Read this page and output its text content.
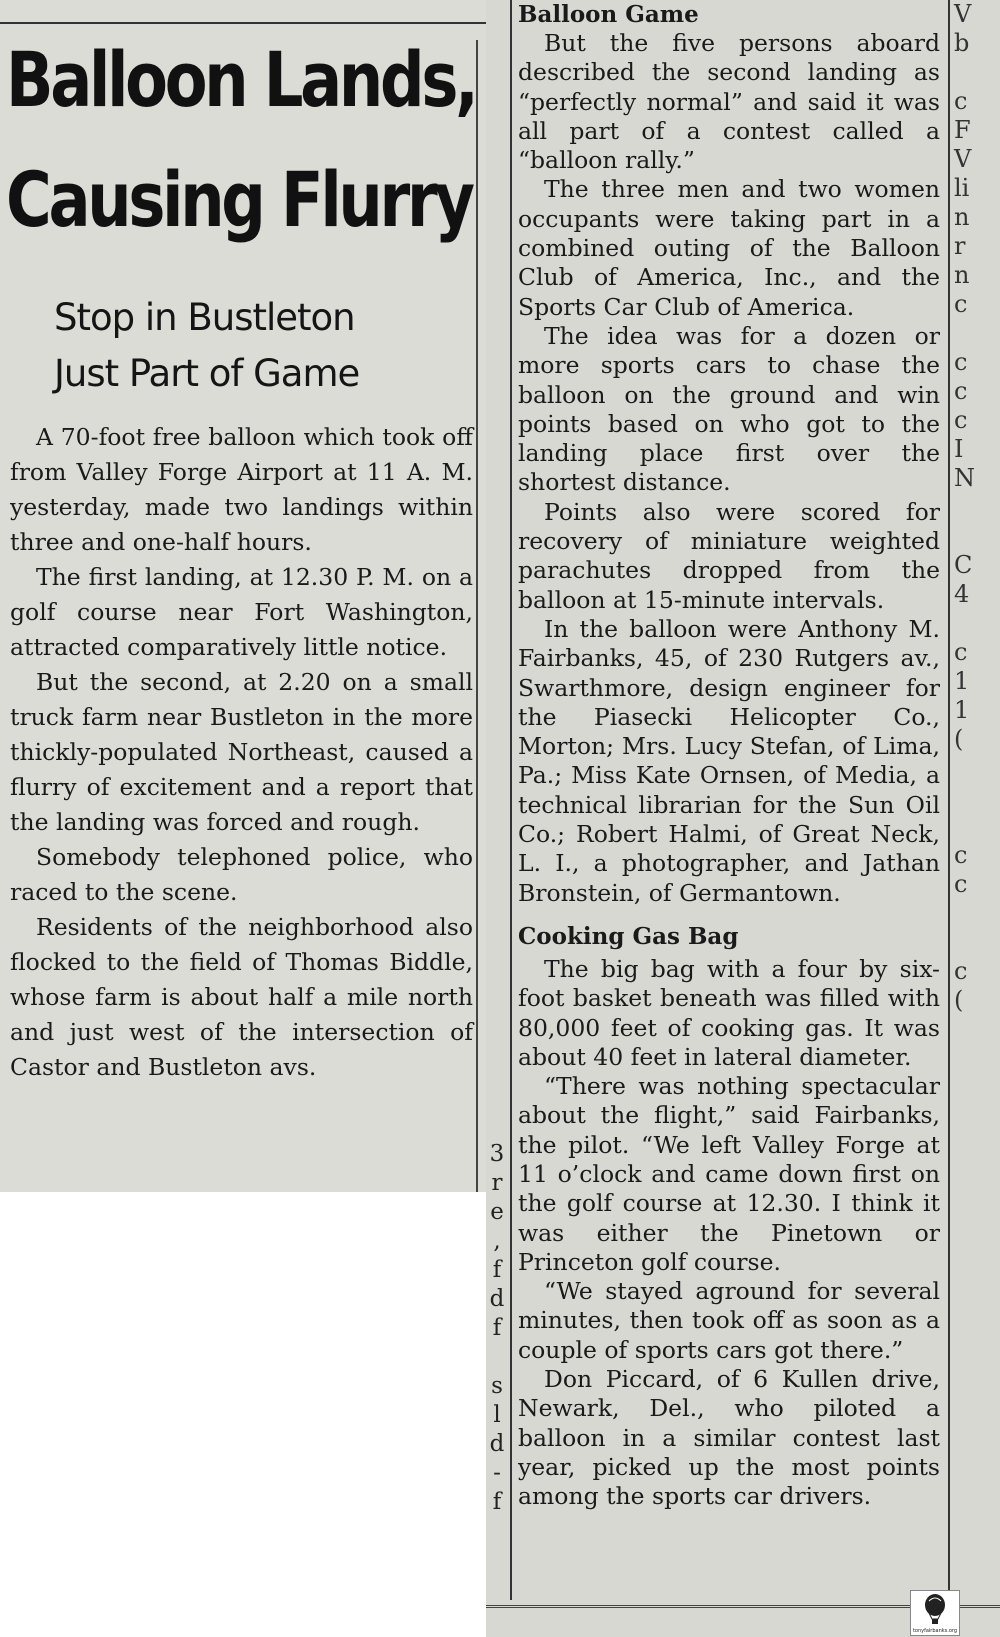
Balloon Lands,
Causing Flurry
Stop in Bustleton
Just Part of Game

A 70-foot free balloon which took off from Valley Forge Airport at 11 A. M. yesterday, made two landings within three and one-half hours.

The first landing, at 12.30 P. M. on a golf course near Fort Washington, attracted comparatively little notice.

But the second, at 2.20 on a small truck farm near Bustleton in the more thickly-populated Northeast, caused a flurry of excitement and a report that the landing was forced and rough.

Somebody telephoned police, who raced to the scene.

Residents of the neighborhood also flocked to the field of Thomas Biddle, whose farm is about half a mile north and just west of the intersection of Castor and Bustleton avs.

3
r
e
,
f
d
f
s
l
d
-
f

Balloon Game

But the five persons aboard described the second landing as “perfectly normal” and said it was all part of a contest called a “balloon rally.”

The three men and two women occupants were taking part in a combined outing of the Balloon Club of America, Inc., and the Sports Car Club of America.

The idea was for a dozen or more sports cars to chase the balloon on the ground and win points based on who got to the landing place first over the shortest distance.

Points also were scored for recovery of miniature weighted parachutes dropped from the balloon at 15-minute intervals.

In the balloon were Anthony M. Fairbanks, 45, of 230 Rutgers av., Swarthmore, design engineer for the Piasecki Helicopter Co., Morton; Mrs. Lucy Stefan, of Lima, Pa.; Miss Kate Ornsen, of Media, a technical librarian for the Sun Oil Co.; Robert Halmi, of Great Neck, L. I., a photographer, and Jathan Bronstein, of Germantown.

Cooking Gas Bag

The big bag with a four by six-foot basket beneath was filled with 80,000 feet of cooking gas. It was about 40 feet in lateral diameter.

“There was nothing spectacular about the flight,” said Fairbanks, the pilot. “We left Valley Forge at 11 o’clock and came down first on the golf course at 12.30. I think it was either the Pinetown or Princeton golf course.

“We stayed aground for several minutes, then took off as soon as a couple of sports cars got there.”

Don Piccard, of 6 Kullen drive, Newark, Del., who piloted a balloon in a similar contest last year, picked up the most points among the sports car drivers.

V
b
c
F
V
li
n
r
n
c
c
c
c
I
N
C
4
c
1
1
(
c
c
c
(
tonyfairbanks.org
